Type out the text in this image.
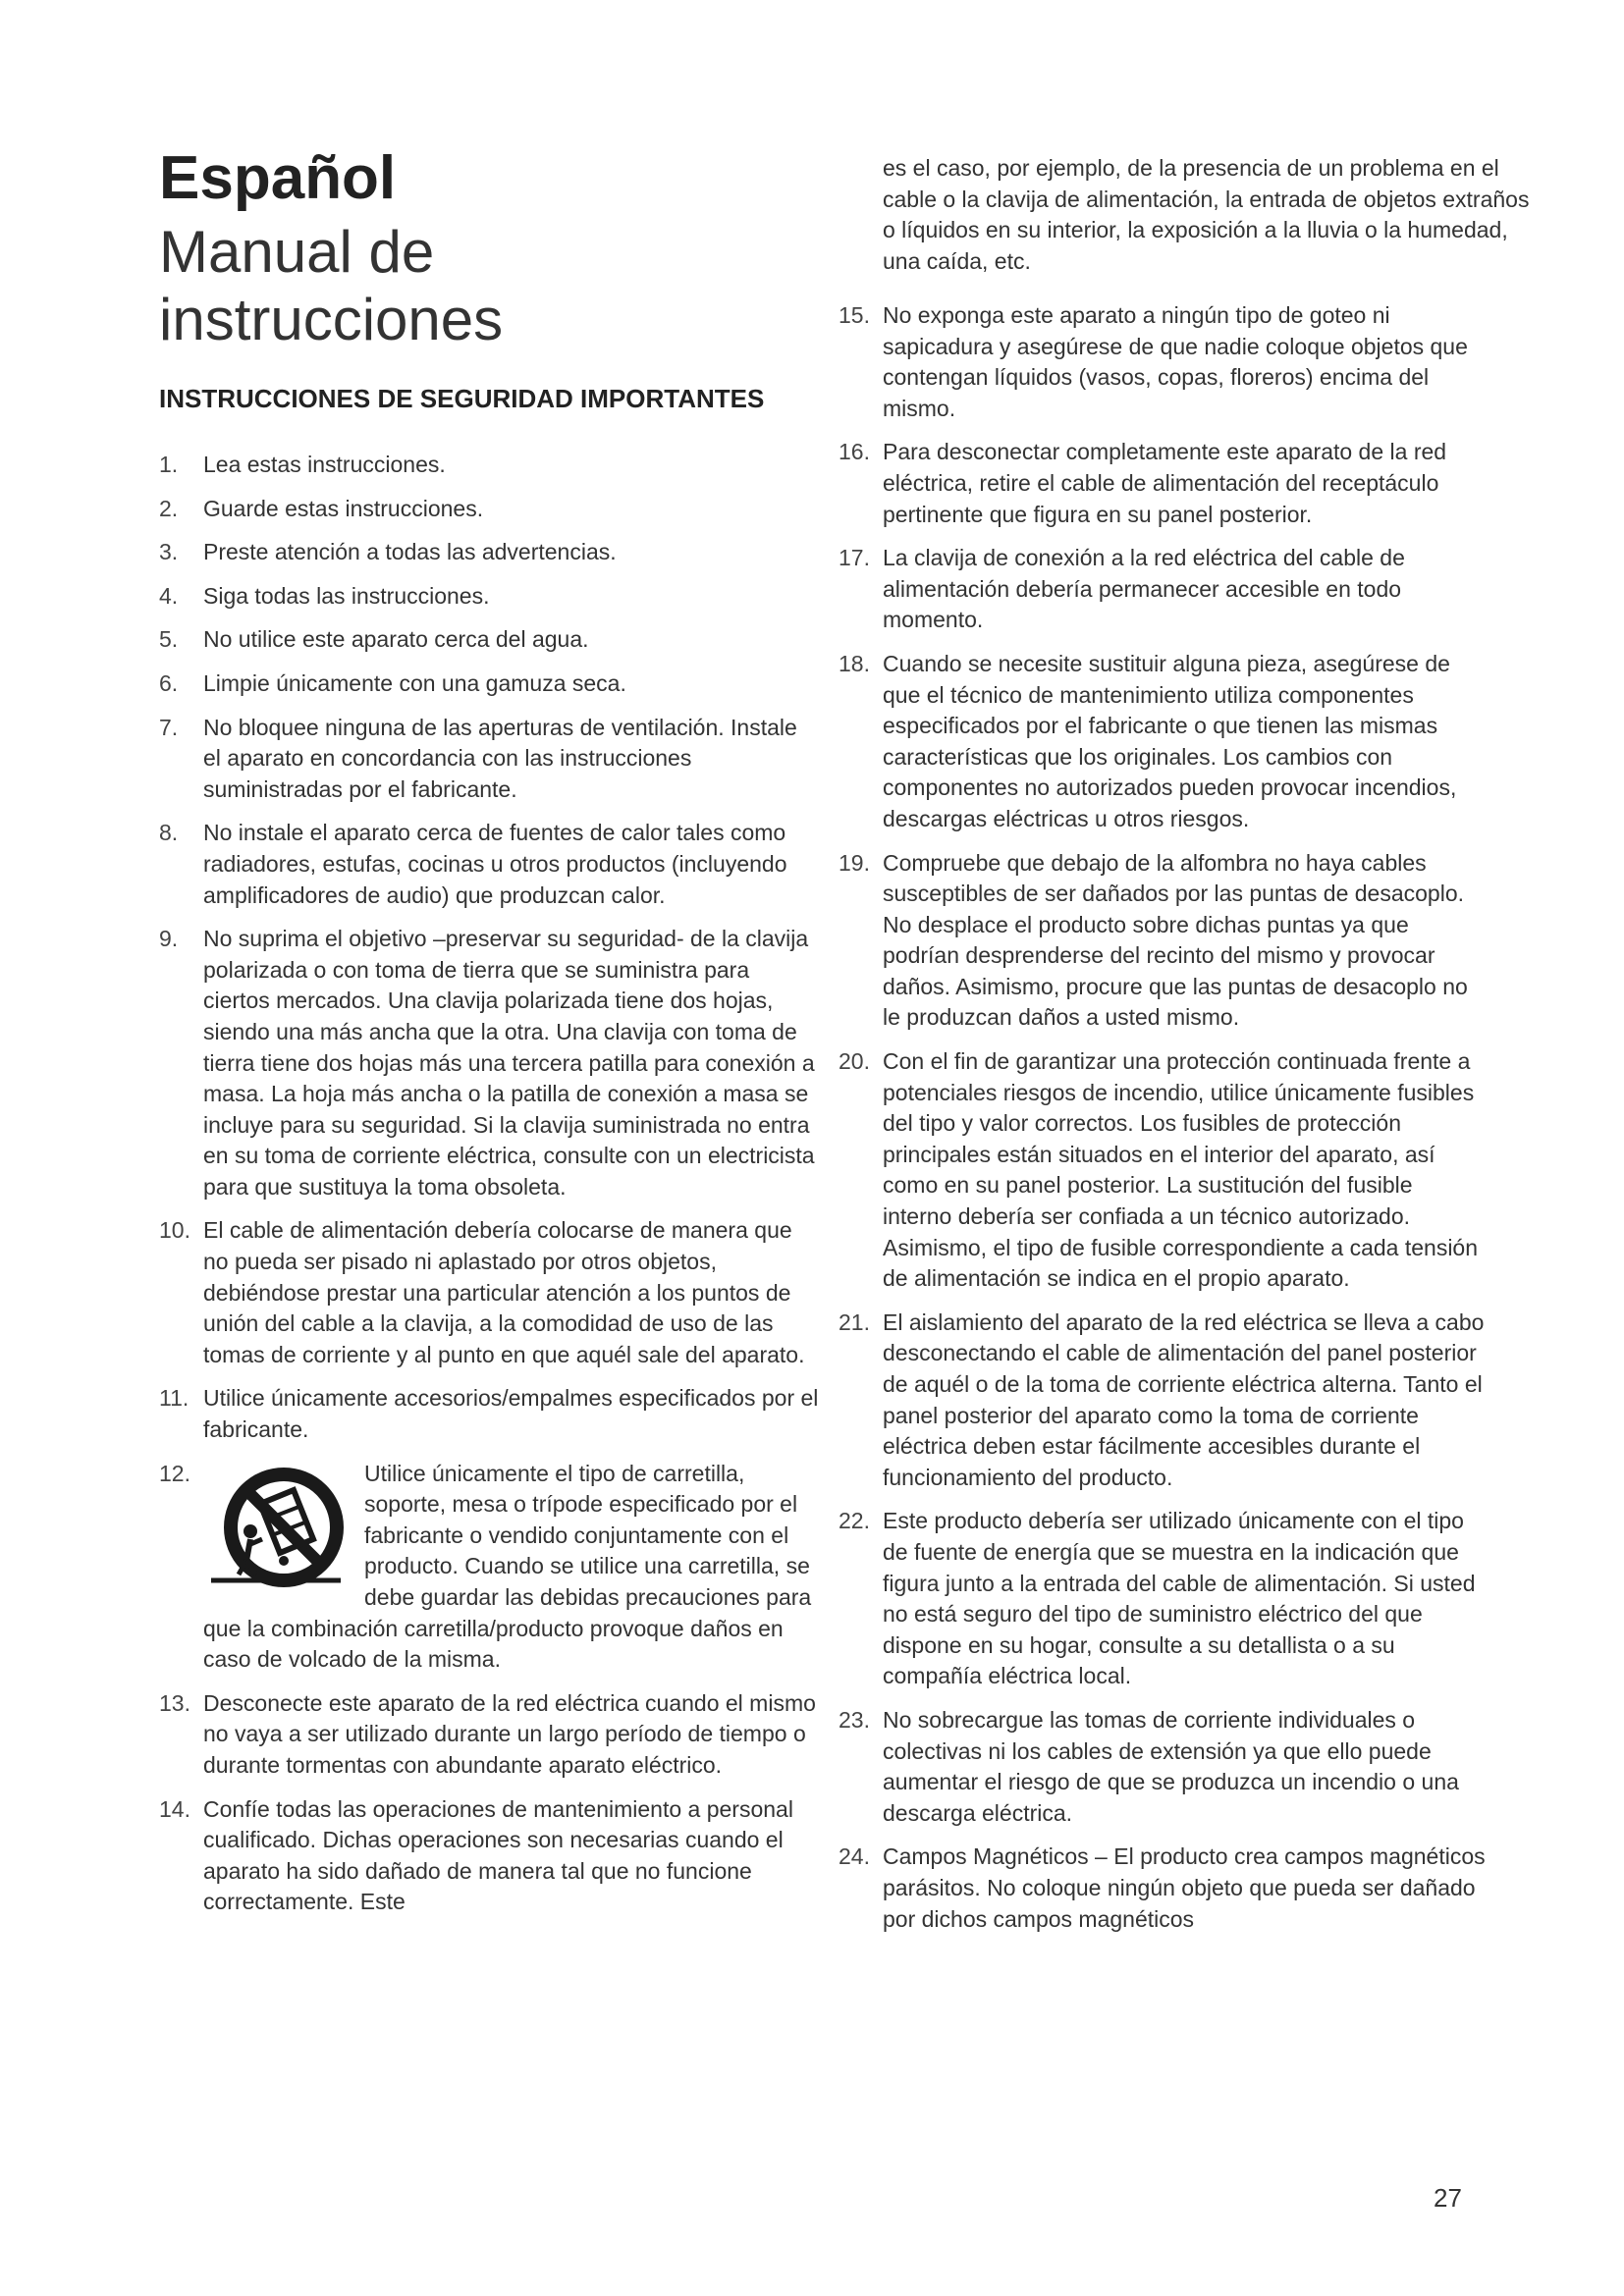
Español
Manual de instrucciones
INSTRUCCIONES DE SEGURIDAD IMPORTANTES
1. Lea estas instrucciones.
2. Guarde estas instrucciones.
3. Preste atención a todas las advertencias.
4. Siga todas las instrucciones.
5. No utilice este aparato cerca del agua.
6. Limpie únicamente con una gamuza seca.
7. No bloquee ninguna de las aperturas de ventilación. Instale el aparato en concordancia con las instrucciones suministradas por el fabricante.
8. No instale el aparato cerca de fuentes de calor tales como radiadores, estufas, cocinas u otros productos (incluyendo amplificadores de audio) que produzcan calor.
9. No suprima el objetivo –preservar su seguridad- de la clavija polarizada o con toma de tierra que se suministra para ciertos mercados. Una clavija polarizada tiene dos hojas, siendo una más ancha que la otra. Una clavija con toma de tierra tiene dos hojas más una tercera patilla para conexión a masa. La hoja más ancha o la patilla de conexión a masa se incluye para su seguridad. Si la clavija suministrada no entra en su toma de corriente eléctrica, consulte con un electricista para que sustituya la toma obsoleta.
10. El cable de alimentación debería colocarse de manera que no pueda ser pisado ni aplastado por otros objetos, debiéndose prestar una particular atención a los puntos de unión del cable a la clavija, a la comodidad de uso de las tomas de corriente y al punto en que aquél sale del aparato.
11. Utilice únicamente accesorios/empalmes especificados por el fabricante.
12.	Utilice únicamente el tipo de carretilla, soporte, mesa o trípode especificado por el fabricante o vendido conjuntamente con el producto. Cuando se utilice una carretilla, se debe guardar las debidas precauciones para que la combinación carretilla/producto provoque daños en caso de volcado de la misma.
13. Desconecte este aparato de la red eléctrica cuando el mismo no vaya a ser utilizado durante un largo período de tiempo o durante tormentas con abundante aparato eléctrico.
14. Confíe todas las operaciones de mantenimiento a personal cualificado. Dichas operaciones son necesarias cuando el aparato ha sido dañado de manera tal que no funcione correctamente. Este

es el caso, por ejemplo, de la presencia de un problema en el cable o la clavija de alimentación, la entrada de objetos extraños o líquidos en su interior, la exposición a la lluvia o la humedad, una caída, etc.

15. No exponga este aparato a ningún tipo de goteo ni sapicadura y asegúrese de que nadie coloque objetos que contengan líquidos (vasos, copas, floreros) encima del mismo.
16. Para desconectar completamente este aparato de la red eléctrica, retire el cable de alimentación del receptáculo pertinente que figura en su panel posterior.
17. La clavija de conexión a la red eléctrica del cable de alimentación debería permanecer accesible en todo momento.
18. Cuando se necesite sustituir alguna pieza, asegúrese de que el técnico de mantenimiento utiliza componentes especificados por el fabricante o que tienen las mismas características que los originales. Los cambios con componentes no autorizados pueden provocar incendios, descargas eléctricas u otros riesgos.
19. Compruebe que debajo de la alfombra no haya cables susceptibles de ser dañados por las puntas de desacoplo. No desplace el producto sobre dichas puntas ya que podrían desprenderse del recinto del mismo y provocar daños. Asimismo, procure que las puntas de desacoplo no le produzcan daños a usted mismo.
20. Con el fin de garantizar una protección continuada frente a potenciales riesgos de incendio, utilice únicamente fusibles del tipo y valor correctos. Los fusibles de protección principales están situados en el interior del aparato, así como en su panel posterior. La sustitución del fusible interno debería ser confiada a un técnico autorizado. Asimismo, el tipo de fusible correspondiente a cada tensión de alimentación se indica en el propio aparato.
21. El aislamiento del aparato de la red eléctrica se lleva a cabo desconectando el cable de alimentación del panel posterior de aquél o de la toma de corriente eléctrica alterna. Tanto el panel posterior del aparato como la toma de corriente eléctrica deben estar fácilmente accesibles durante el funcionamiento del producto.
22. Este producto debería ser utilizado únicamente con el tipo de fuente de energía que se muestra en la indicación que figura junto a la entrada del cable de alimentación. Si usted no está seguro del tipo de suministro eléctrico del que dispone en su hogar, consulte a su detallista o a su compañía eléctrica local.
23. No sobrecargue las tomas de corriente individuales o colectivas ni los cables de extensión ya que ello puede aumentar el riesgo de que se produzca un incendio o una descarga eléctrica.
24. Campos Magnéticos – El producto crea campos magnéticos parásitos. No coloque ningún objeto que pueda ser dañado por dichos campos magnéticos
27
